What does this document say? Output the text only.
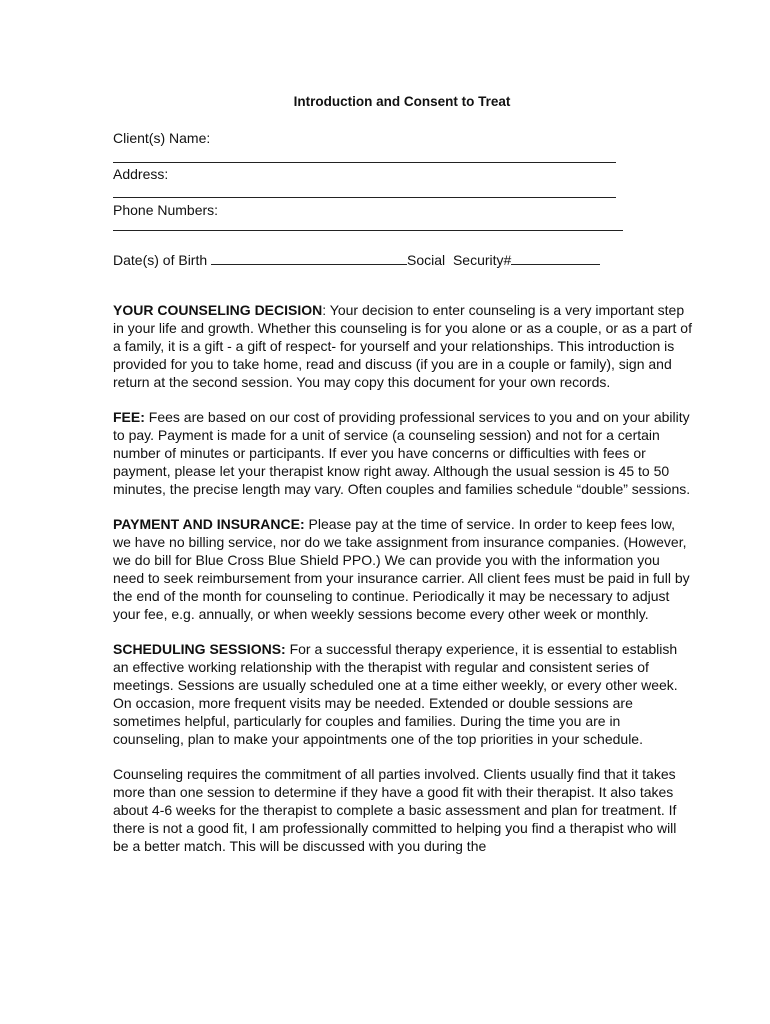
Introduction and Consent to Treat
Client(s) Name:
Address:
Phone Numbers:
Date(s) of Birth	Social  Security#

YOUR COUNSELING DECISION: Your decision to enter counseling is a very important step in your life and growth. Whether this counseling is for you alone or as a couple, or as a part of a family, it is a gift - a gift of respect- for yourself and your relationships. This introduction is provided for you to take home, read and discuss (if you are in a couple or family), sign and return at the second session. You may copy this document for your own records.

FEE: Fees are based on our cost of providing professional services to you and on your ability to pay. Payment is made for a unit of service (a counseling session) and not for a certain number of minutes or participants. If ever you have concerns or difficulties with fees or payment, please let your therapist know right away. Although the usual session is 45 to 50 minutes, the precise length may vary. Often couples and families schedule “double” sessions.

PAYMENT AND INSURANCE: Please pay at the time of service. In order to keep fees low, we have no billing service, nor do we take assignment from insurance companies. (However, we do bill for Blue Cross Blue Shield PPO.) We can provide you with the information you need to seek reimbursement from your insurance carrier. All client fees must be paid in full by the end of the month for counseling to continue. Periodically it may be necessary to adjust your fee, e.g. annually, or when weekly sessions become every other week or monthly.

SCHEDULING SESSIONS: For a successful therapy experience, it is essential to establish an effective working relationship with the therapist with regular and consistent series of meetings. Sessions are usually scheduled one at a time either weekly, or every other week. On occasion, more frequent visits may be needed. Extended or double sessions are sometimes helpful, particularly for couples and families. During the time you are in counseling, plan to make your appointments one of the top priorities in your schedule.

Counseling requires the commitment of all parties involved. Clients usually find that it takes more than one session to determine if they have a good fit with their therapist. It also takes about 4-6 weeks for the therapist to complete a basic assessment and plan for treatment. If there is not a good fit, I am professionally committed to helping you find a therapist who will be a better match. This will be discussed with you during the
